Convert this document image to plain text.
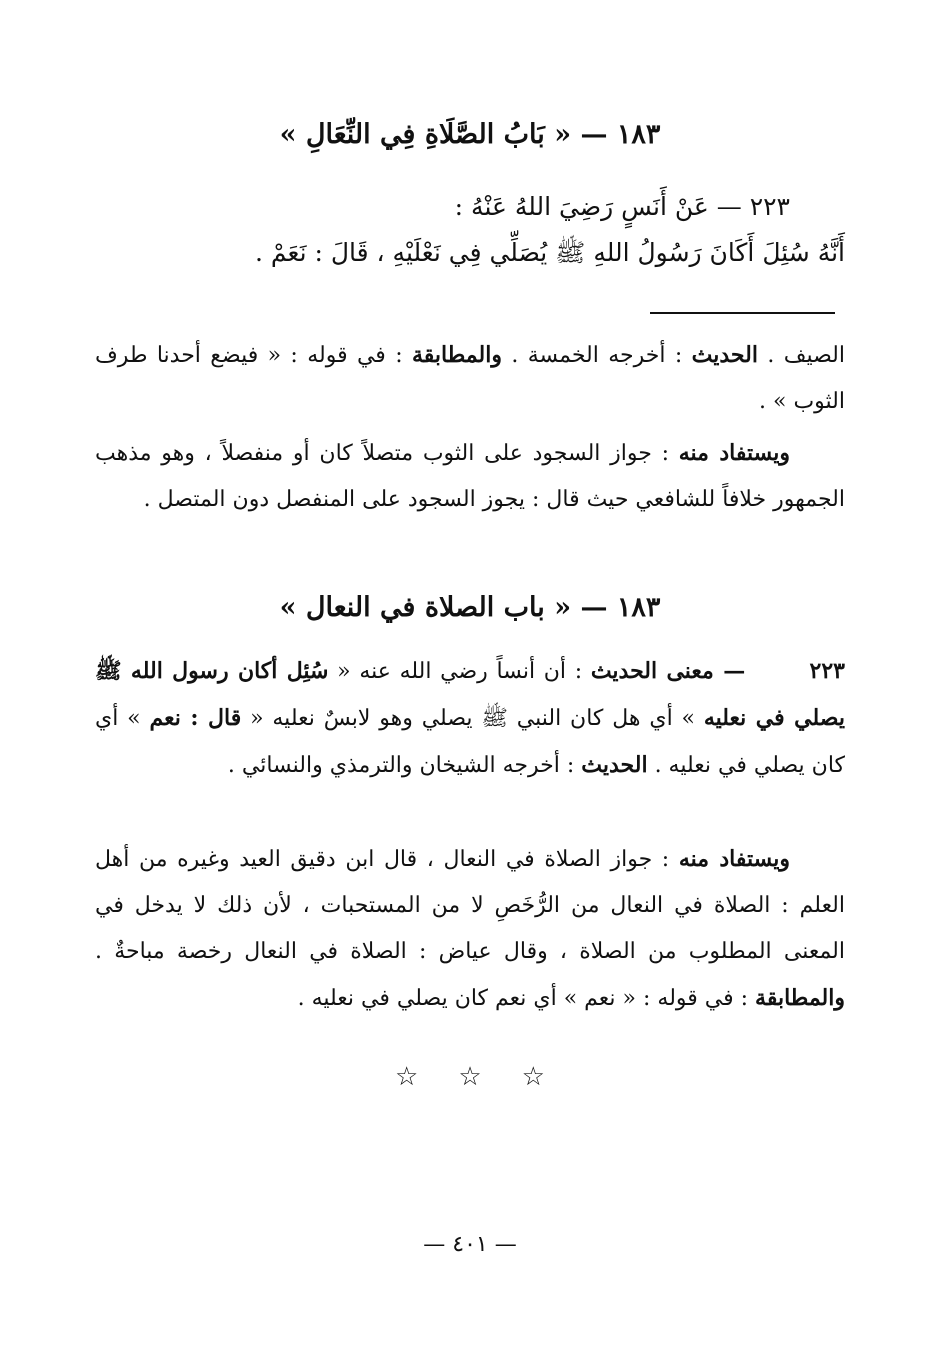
١٨٣ — « بَابُ الصَّلَاةِ فِي النِّعَالِ »
٢٢٣ — عَنْ أَنَسٍ رَضِيَ اللهُ عَنْهُ :
أَنَّهُ سُئِلَ أَكَانَ رَسُولُ اللهِ ﷺ يُصَلِّي فِي نَعْلَيْهِ ، قَالَ : نَعَمْ .
الصيف . الحديث : أخرجه الخمسة . والمطابقة : في قوله : « فيضع أحدنا طرف الثوب » .
ويستفاد منه : جواز السجود على الثوب متصلاً كان أو منفصلاً ، وهو مذهب الجمهور خلافاً للشافعي حيث قال : يجوز السجود على المنفصل دون المتصل .
١٨٣ — « باب الصلاة في النعال »
٢٢٣ — معنى الحديث : أن أنساً رضي الله عنه « سُئِل أكان رسول الله ﷺ يصلي في نعليه » أي هل كان النبي ﷺ يصلي وهو لابسٌ نعليه « قال : نعم » أي كان يصلي في نعليه . الحديث : أخرجه الشيخان والترمذي والنسائي .
ويستفاد منه : جواز الصلاة في النعال ، قال ابن دقيق العيد وغيره من أهل العلم : الصلاة في النعال من الرُّخَصِ لا من المستحبات ، لأن ذلك لا يدخل في المعنى المطلوب من الصلاة ، وقال عياض : الصلاة في النعال رخصة مباحةٌ . والمطابقة : في قوله : « نعم » أي نعم كان يصلي في نعليه .
☆ ☆ ☆
— ٤٠١ —
